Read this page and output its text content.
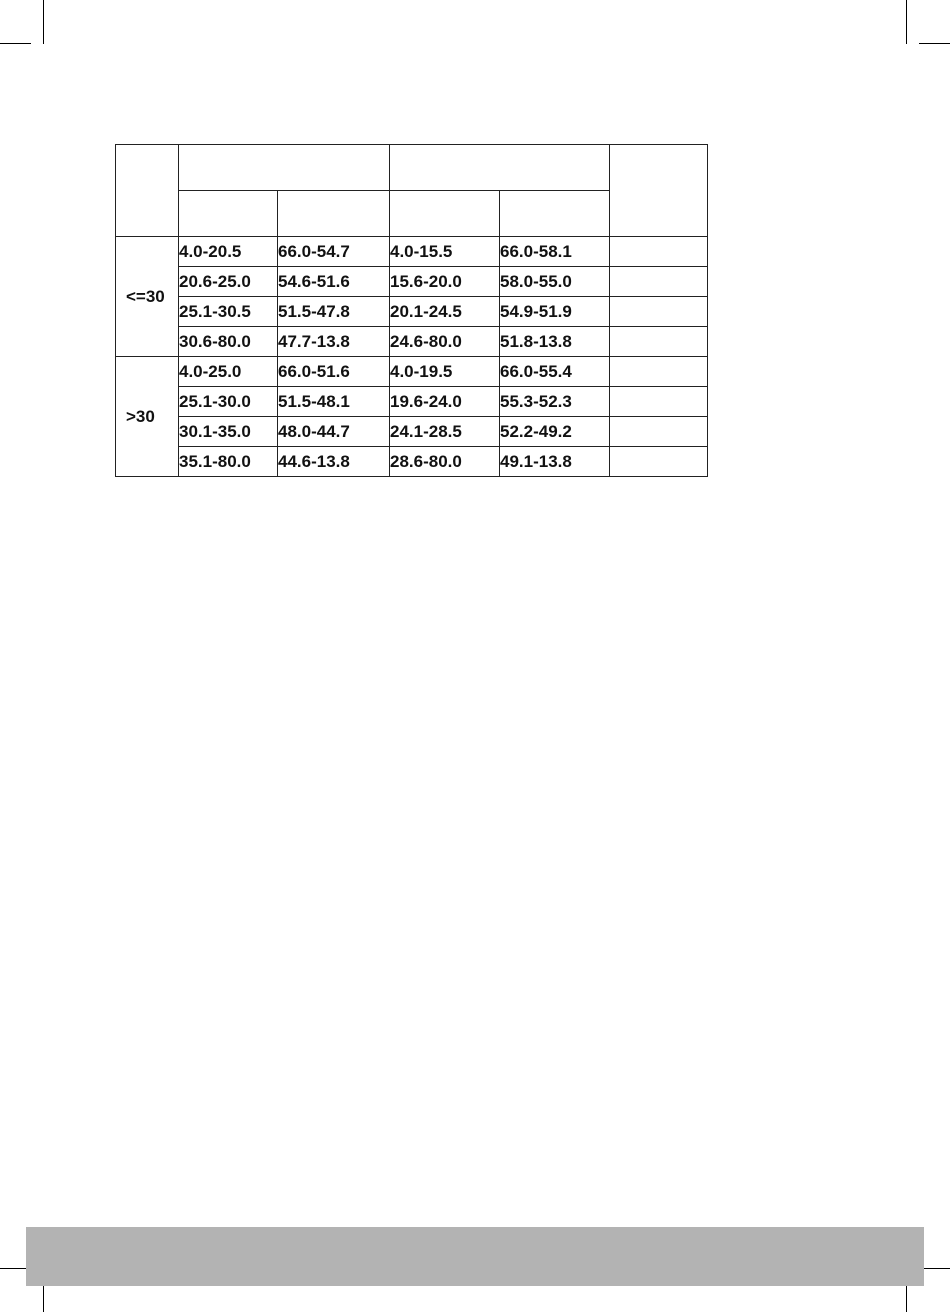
<=30	4.0-20.5	66.0-54.7	4.0-15.5	66.0-58.1	
	20.6-25.0	54.6-51.6	15.6-20.0	58.0-55.0	
	25.1-30.5	51.5-47.8	20.1-24.5	54.9-51.9	
	30.6-80.0	47.7-13.8	24.6-80.0	51.8-13.8	
>30	4.0-25.0	66.0-51.6	4.0-19.5	66.0-55.4	
	25.1-30.0	51.5-48.1	19.6-24.0	55.3-52.3	
	30.1-35.0	48.0-44.7	24.1-28.5	52.2-49.2	
	35.1-80.0	44.6-13.8	28.6-80.0	49.1-13.8	
